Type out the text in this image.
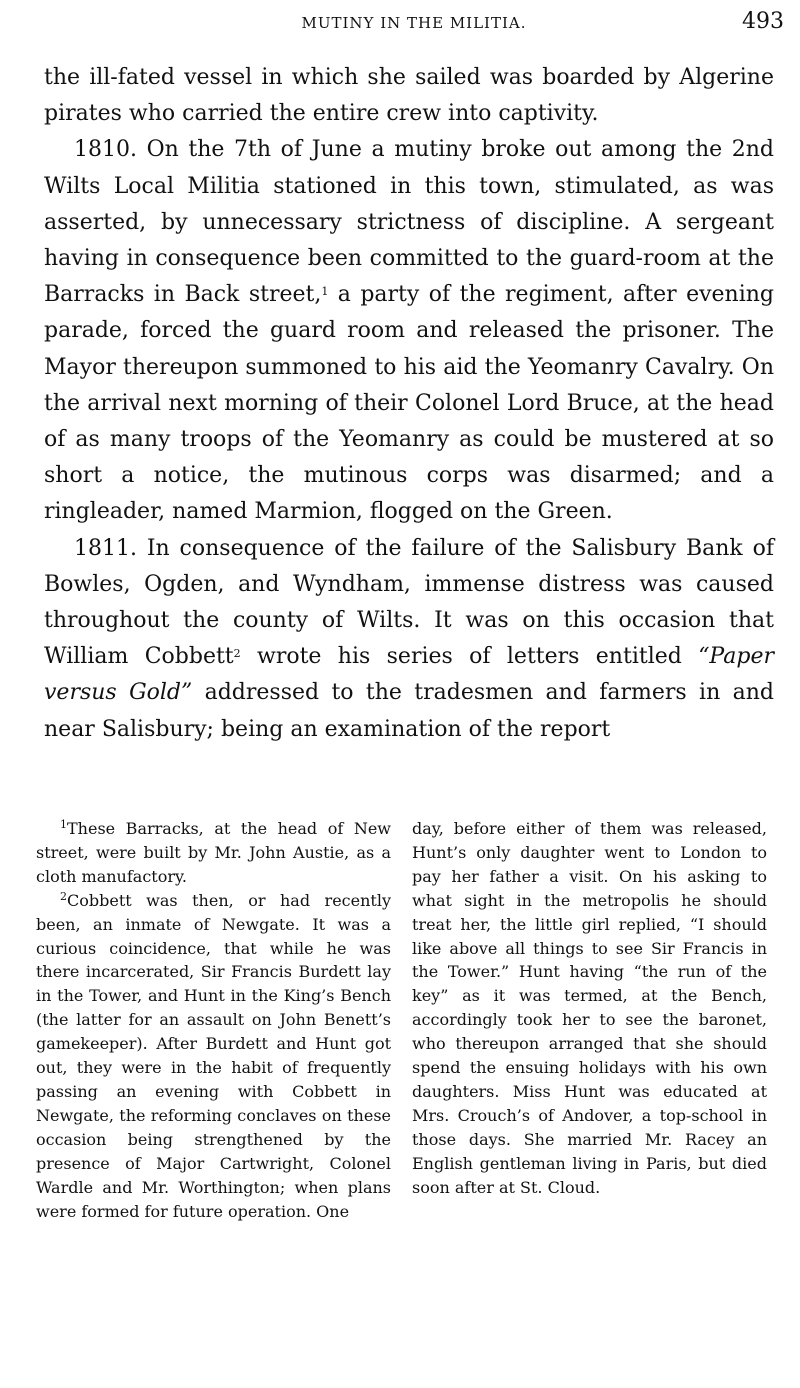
MUTINY IN THE MILITIA.	493

the ill-fated vessel in which she sailed was boarded by Algerine pirates who carried the entire crew into captivity.

1810. On the 7th of June a mutiny broke out among the 2nd Wilts Local Militia stationed in this town, stimulated, as was asserted, by unnecessary strictness of discipline. A sergeant having in consequence been committed to the guard-room at the Barracks in Back street,$^1$ a party of the regiment, after evening parade, forced the guard room and released the prisoner. The Mayor thereupon summoned to his aid the Yeomanry Cavalry. On the arrival next morning of their Colonel Lord Bruce, at the head of as many troops of the Yeomanry as could be mustered at so short a notice, the mutinous corps was disarmed; and a ringleader, named Marmion, flogged on the Green.

1811. In consequence of the failure of the Salisbury Bank of Bowles, Ogden, and Wyndham, immense distress was caused throughout the county of Wilts. It was on this occasion that William Cobbett$^2$ wrote his series of letters entitled “Paper versus Gold” addressed to the tradesmen and farmers in and near Salisbury; being an examination of the report

$^1$These Barracks, at the head of New street, were built by Mr. John Austie, as a cloth manufactory.

$^2$Cobbett was then, or had recently been, an inmate of Newgate. It was a curious coincidence, that while he was there incarcerated, Sir Francis Burdett lay in the Tower, and Hunt in the King’s Bench (the latter for an assault on John Benett’s gamekeeper). After Burdett and Hunt got out, they were in the habit of frequently passing an evening with Cobbett in Newgate, the reforming conclaves on these occasion being strengthened by the presence of Major Cartwright, Colonel Wardle and Mr. Worthington; when plans were formed for future operation. One

day, before either of them was released, Hunt’s only daughter went to London to pay her father a visit. On his asking to what sight in the metropolis he should treat her, the little girl replied, “I should like above all things to see Sir Francis in the Tower.” Hunt having “the run of the key” as it was termed, at the Bench, accordingly took her to see the baronet, who thereupon arranged that she should spend the ensuing holidays with his own daughters. Miss Hunt was educated at Mrs. Crouch’s of Andover, a top-school in those days. She married Mr. Racey an English gentleman living in Paris, but died soon after at St. Cloud.
